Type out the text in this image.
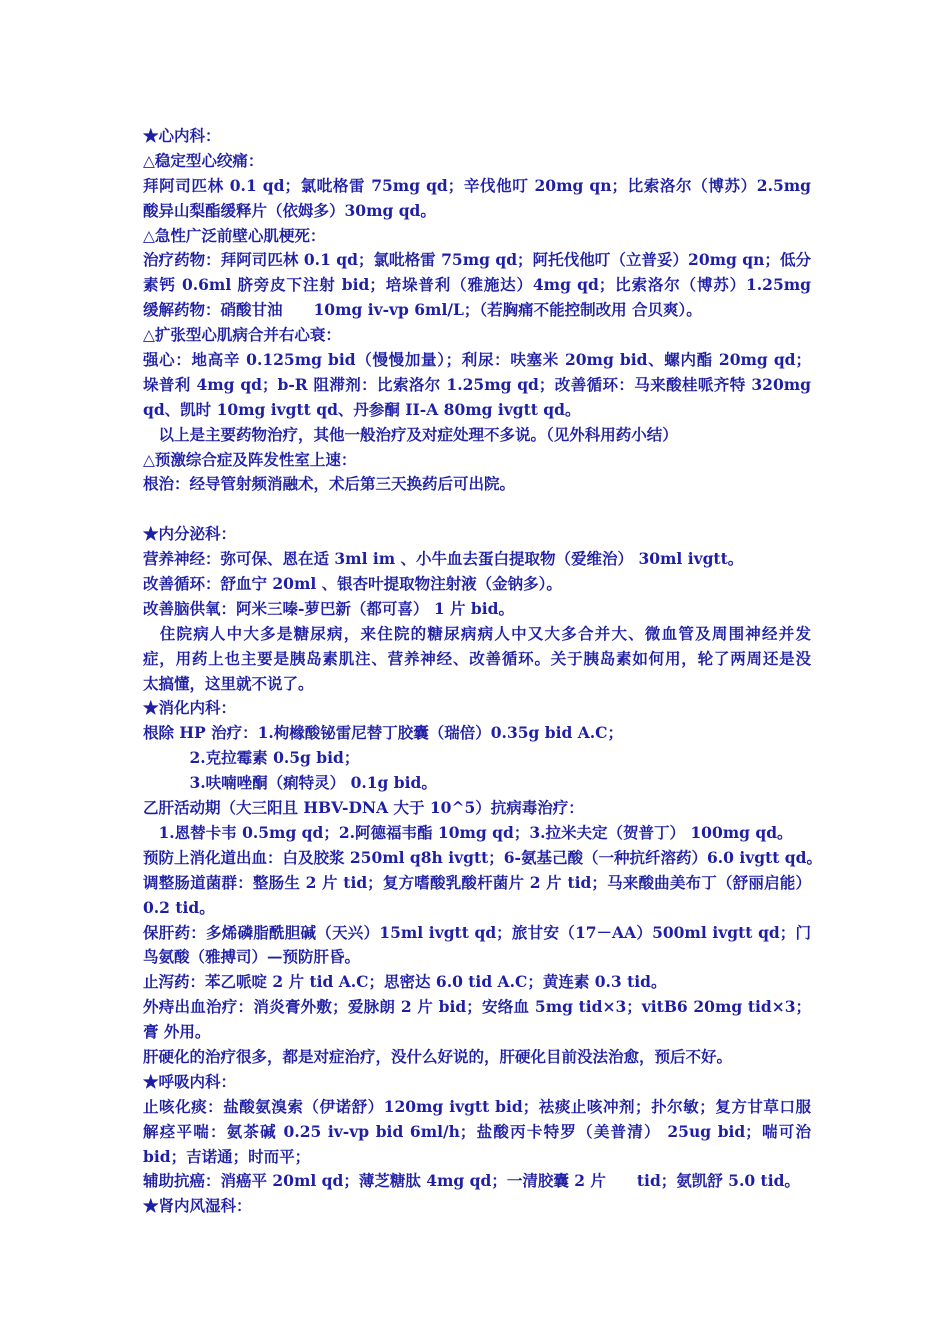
★心内科：
△稳定型心绞痛：
拜阿司匹林 0.1 qd；氯吡格雷 75mg qd；辛伐他叮 20mg qn；比索洛尔（博苏）2.5mg
酸异山梨酯缓释片（依姆多）30mg qd。
△急性广泛前壁心肌梗死：
治疗药物：拜阿司匹林 0.1 qd；氯吡格雷 75mg qd；阿托伐他叮（立普妥）20mg qn；低分
素钙 0.6ml 脐旁皮下注射 bid；培垛普利（雅施达）4mg qd；比索洛尔（博苏）1.25mg
缓解药物：硝酸甘油　　10mg iv-vp 6ml/L；（若胸痛不能控制改用 合贝爽）。
△扩张型心肌病合并右心衰：
强心：地高辛 0.125mg bid（慢慢加量）；利尿：呋塞米 20mg bid、螺内酯 20mg qd；
垛普利 4mg qd；b-R 阻滞剂：比索洛尔 1.25mg qd；改善循环：马来酸桂哌齐特 320mg
qd、凯时 10mg ivgtt qd、丹参酮 II-A 80mg ivgtt qd。
　以上是主要药物治疗，其他一般治疗及对症处理不多说。（见外科用药小结）
△预激综合症及阵发性室上速：
根治：经导管射频消融术，术后第三天换药后可出院。
★内分泌科：
营养神经：弥可保、恩在适 3ml im 、小牛血去蛋白提取物（爱维治） 30ml ivgtt。
改善循环：舒血宁 20ml 、银杏叶提取物注射液（金钠多）。
改善脑供氧：阿米三嗪-萝巴新（都可喜） 1 片 bid。
　住院病人中大多是糖尿病，来住院的糖尿病病人中又大多合并大、微血管及周围神经并发
症，用药上也主要是胰岛素肌注、营养神经、改善循环。关于胰岛素如何用，轮了两周还是没
太搞懂，这里就不说了。
★消化内科：
根除 HP 治疗：1.枸橼酸铋雷尼替丁胶囊（瑞倍）0.35g bid A.C；
　　　2.克拉霉素 0.5g bid；
　　　3.呋喃唑酮（痢特灵） 0.1g bid。
乙肝活动期（大三阳且 HBV-DNA 大于 10^5）抗病毒治疗：
　1.恩替卡韦 0.5mg qd；2.阿德福韦酯 10mg qd；3.拉米夫定（贺普丁） 100mg qd。
预防上消化道出血：白及胶浆 250ml q8h ivgtt；6-氨基己酸（一种抗纤溶药）6.0 ivgtt qd。
调整肠道菌群：整肠生 2 片 tid；复方嗜酸乳酸杆菌片 2 片 tid；马来酸曲美布丁（舒丽启能）
0.2 tid。
保肝药：多烯磷脂酰胆碱（天兴）15ml ivgtt qd；旅甘安（17－AA）500ml ivgtt qd；门
鸟氨酸（雅搏司）—预防肝昏。
止泻药：苯乙哌啶 2 片 tid A.C；思密达 6.0 tid A.C；黄连素 0.3 tid。
外痔出血治疗：消炎膏外敷；爱脉朗 2 片 bid；安络血 5mg tid×3；vitB6 20mg tid×3；
膏 外用。
肝硬化的治疗很多，都是对症治疗，没什么好说的，肝硬化目前没法治愈，预后不好。
★呼吸内科：
止咳化痰：盐酸氨溴索（伊诺舒）120mg ivgtt bid；祛痰止咳冲剂；扑尔敏；复方甘草口服
解痉平喘：氨茶碱 0.25 iv-vp bid 6ml/h；盐酸丙卡特罗（美普清） 25ug bid；喘可治
bid；吉诺通；时而平；
辅助抗癌：消癌平 20ml qd；薄芝糖肽 4mg qd；一清胶囊 2 片　　tid；氨凯舒 5.0 tid。
★肾内风湿科：
